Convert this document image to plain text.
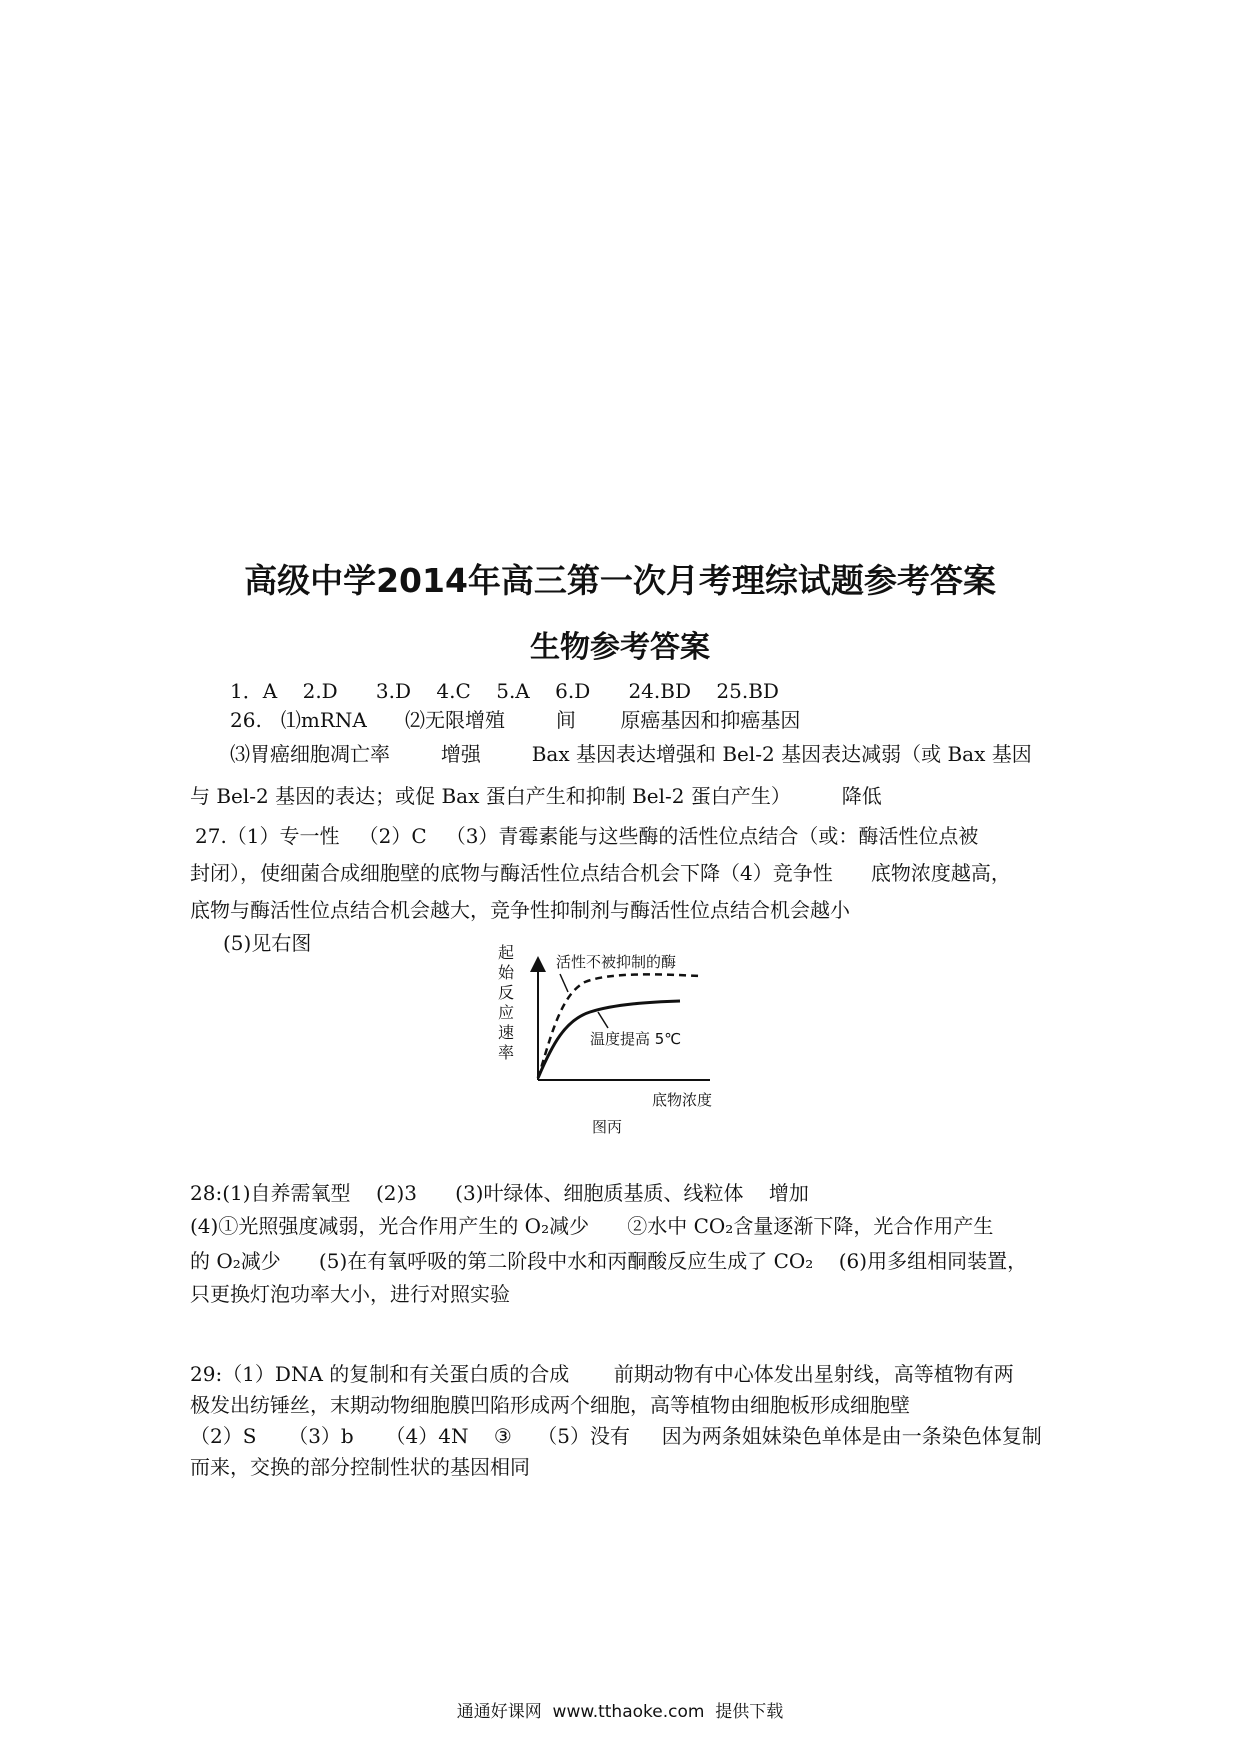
高级中学2014年高三第一次月考理综试题参考答案
生物参考答案
1．A    2.D      3.D    4.C    5.A    6.D      24.BD    25.BD
26.   ⑴mRNA      ⑵无限增殖        间       原癌基因和抑癌基因
⑶胃癌细胞凋亡率        增强        Bax 基因表达增强和 Bel-2 基因表达减弱（或 Bax 基因
与 Bel-2 基因的表达；或促 Bax 蛋白产生和抑制 Bel-2 蛋白产生）        降低
27.（1）专一性   （2）C   （3）青霉素能与这些酶的活性位点结合（或：酶活性位点被
封闭），使细菌合成细胞壁的底物与酶活性位点结合机会下降（4）竞争性      底物浓度越高，
底物与酶活性位点结合机会越大，竞争性抑制剂与酶活性位点结合机会越小
(5)见右图	起
始
反
应
速
率
活性不被抑制的酶
温度提高 5℃
底物浓度
图丙
28:(1)自养需氧型    (2)3      (3)叶绿体、细胞质基质、线粒体    增加
(4)①光照强度减弱，光合作用产生的 O₂减少      ②水中 CO₂含量逐渐下降，光合作用产生
的 O₂减少      (5)在有氧呼吸的第二阶段中水和丙酮酸反应生成了 CO₂    (6)用多组相同装置，
只更换灯泡功率大小，进行对照实验
29:（1）DNA 的复制和有关蛋白质的合成       前期动物有中心体发出星射线，高等植物有两
极发出纺锤丝，末期动物细胞膜凹陷形成两个细胞，高等植物由细胞板形成细胞壁
（2）S     （3）b     （4）4N    ③    （5）没有     因为两条姐妹染色单体是由一条染色体复制
而来，交换的部分控制性状的基因相同
通通好课网  www.tthaoke.com  提供下载
